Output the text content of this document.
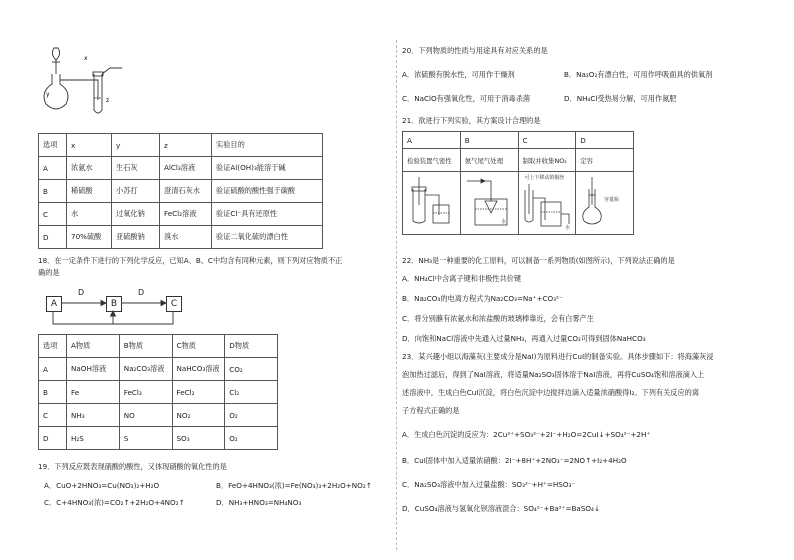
x
y
z
选项	x	y	z	实验目的
A	浓氨水	生石灰	AlCl₃溶液	验证Al(OH)₃能溶于碱
B	稀硫酸	小苏打	澄清石灰水	验证硫酸的酸性强于碳酸
C	水	过氧化钠	FeCl₂溶液	验证Cl⁻具有还原性
D	70%硫酸	亚硫酸钠	溴水	验证二氧化硫的漂白性
18．在一定条件下进行的下列化学反应，已知A、B、C中均含有同种元素，则下列对应物质不正
确的是
A	B	C
D	D
选项	A物质	B物质	C物质	D物质
A	NaOH溶液	Na₂CO₃溶液	NaHCO₃溶液	CO₂
B	Fe	FeCl₃	FeCl₂	Cl₂
C	NH₃	NO	NO₂	O₂
D	H₂S	S	SO₃	O₂
19．下列反应既表现硝酸的酸性，又体现硝酸的氧化性的是
A．CuO+2HNO₃=Cu(NO₃)₂+H₂O	B．FeO+4HNO₃(浓)=Fe(NO₃)₃+2H₂O+NO₂↑
C．C+4HNO₃(浓)=CO₂↑+2H₂O+4NO₂↑	D．NH₃+HNO₃=NH₄NO₃
20．下列物质的性质与用途具有对应关系的是
A．浓硫酸有脱水性，可用作干燥剂	B．Na₂O₂有漂白性，可用作呼吸面具的供氧剂
C．NaClO有强氧化性，可用于消毒杀菌	D．NH₄Cl受热易分解，可用作氮肥
21．欲进行下列实验，其方案设计合理的是
A	B	C	D
检验装置气密性	氨气尾气处理	制取并收集NO₂	定容

水	可上下移动的铜丝
水	容量瓶
22．NH₃是一种重要的化工原料，可以制备一系列物质(如图所示)，下列说法正确的是
A．NH₄Cl中含离子键和非极性共价键
B．Na₂CO₃的电离方程式为Na₂CO₃=Na⁺+CO₃²⁻
C．将分别蘸有浓氨水和浓盐酸的玻璃棒靠近，会有白雾产生
D．向饱和NaCl溶液中先通入过量NH₃，再通入过量CO₂可得到固体NaHCO₃
23．某兴趣小组以海藻灰(主要成分是NaI)为原料进行CuI的制备实验。具体步骤如下：将海藻灰浸
泡加热过滤后，得到了NaI溶液，将适量Na₂SO₃固体溶于NaI溶液，再将CuSO₄饱和溶液滴入上
述溶液中，生成白色CuI沉淀，将白色沉淀中边搅拌边滴入适量浓硝酸得I₂。下列有关反应的离
子方程式正确的是
A．生成白色沉淀的反应为：2Cu²⁺+SO₃²⁻+2I⁻+H₂O=2CuI↓+SO₄²⁻+2H⁺
B．CuI固体中加入适量浓硝酸：2I⁻+8H⁺+2NO₃⁻=2NO↑+I₂+4H₂O
C．Na₂SO₃溶液中加入过量盐酸：SO₃²⁻+H⁺=HSO₃⁻
D．CuSO₄溶液与氢氧化钡溶液混合：SO₄²⁻+Ba²⁺=BaSO₄↓
